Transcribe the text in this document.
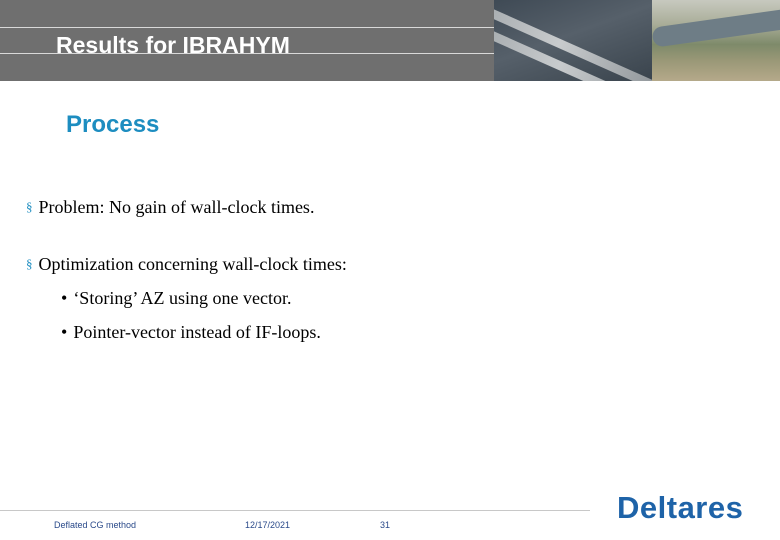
Results for IBRAHYM
Process
§ Problem: No gain of wall-clock times.
§ Optimization concerning wall-clock times:
• ‘Storing’ AZ using one vector.
• Pointer-vector instead of IF-loops.
Deflated CG method	12/17/2021	31	Deltares
